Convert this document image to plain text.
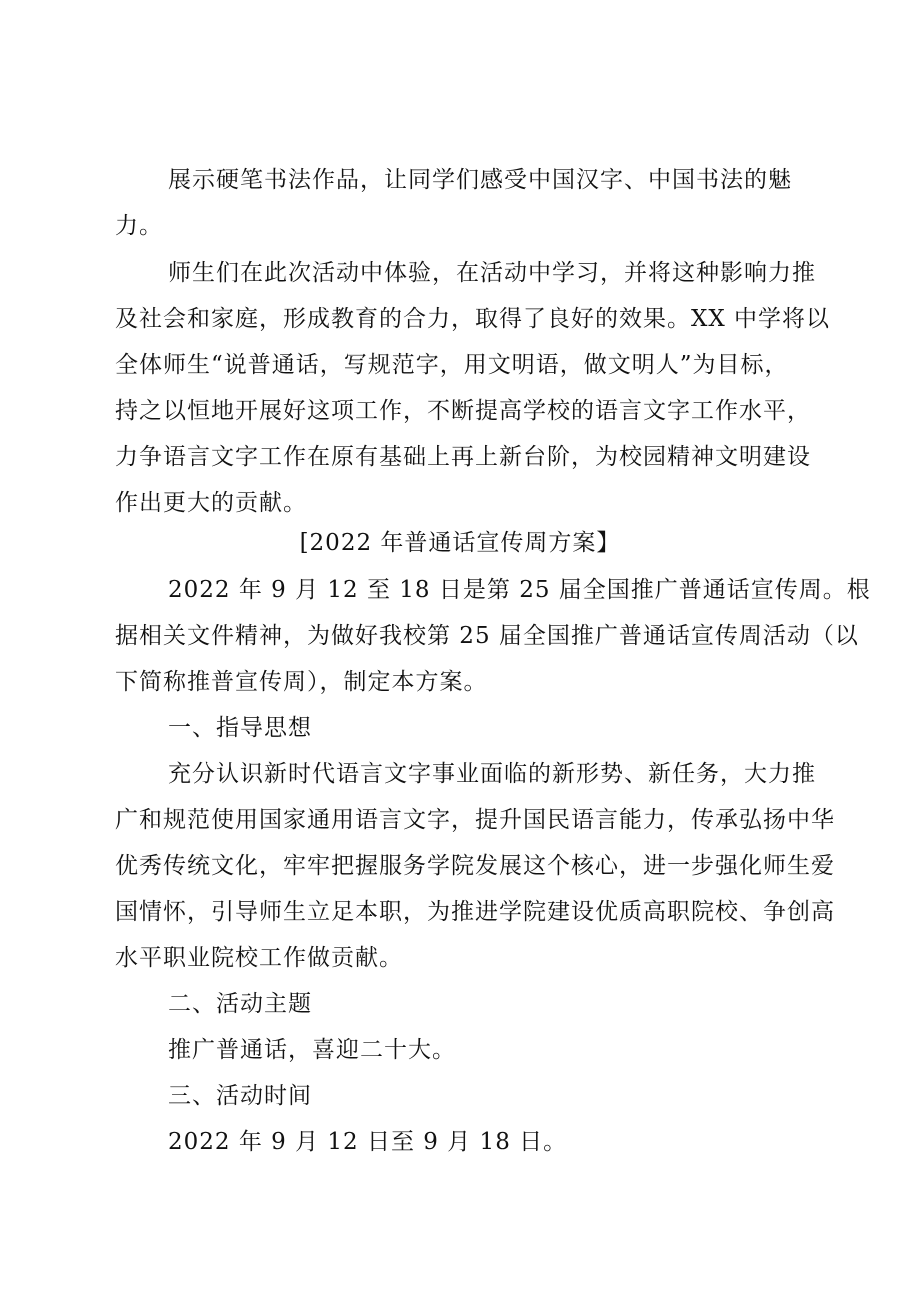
展示硬笔书法作品，让同学们感受中国汉字、中国书法的魅
力。
师生们在此次活动中体验，在活动中学习，并将这种影响力推
及社会和家庭，形成教育的合力，取得了良好的效果。XX 中学将以
全体师生“说普通话，写规范字，用文明语，做文明人”为目标，
持之以恒地开展好这项工作，不断提高学校的语言文字工作水平，
力争语言文字工作在原有基础上再上新台阶，为校园精神文明建设
作出更大的贡献。
[2022 年普通话宣传周方案】
2022 年 9 月 12 至 18 日是第 25 届全国推广普通话宣传周。根
据相关文件精神，为做好我校第 25 届全国推广普通话宣传周活动（以
下简称推普宣传周），制定本方案。
一、指导思想
充分认识新时代语言文字事业面临的新形势、新任务，大力推
广和规范使用国家通用语言文字，提升国民语言能力，传承弘扬中华
优秀传统文化，牢牢把握服务学院发展这个核心，进一步强化师生爱
国情怀，引导师生立足本职，为推进学院建设优质高职院校、争创高
水平职业院校工作做贡献。
二、活动主题
推广普通话，喜迎二十大。
三、活动时间
2022 年 9 月 12 日至 9 月 18 日。
